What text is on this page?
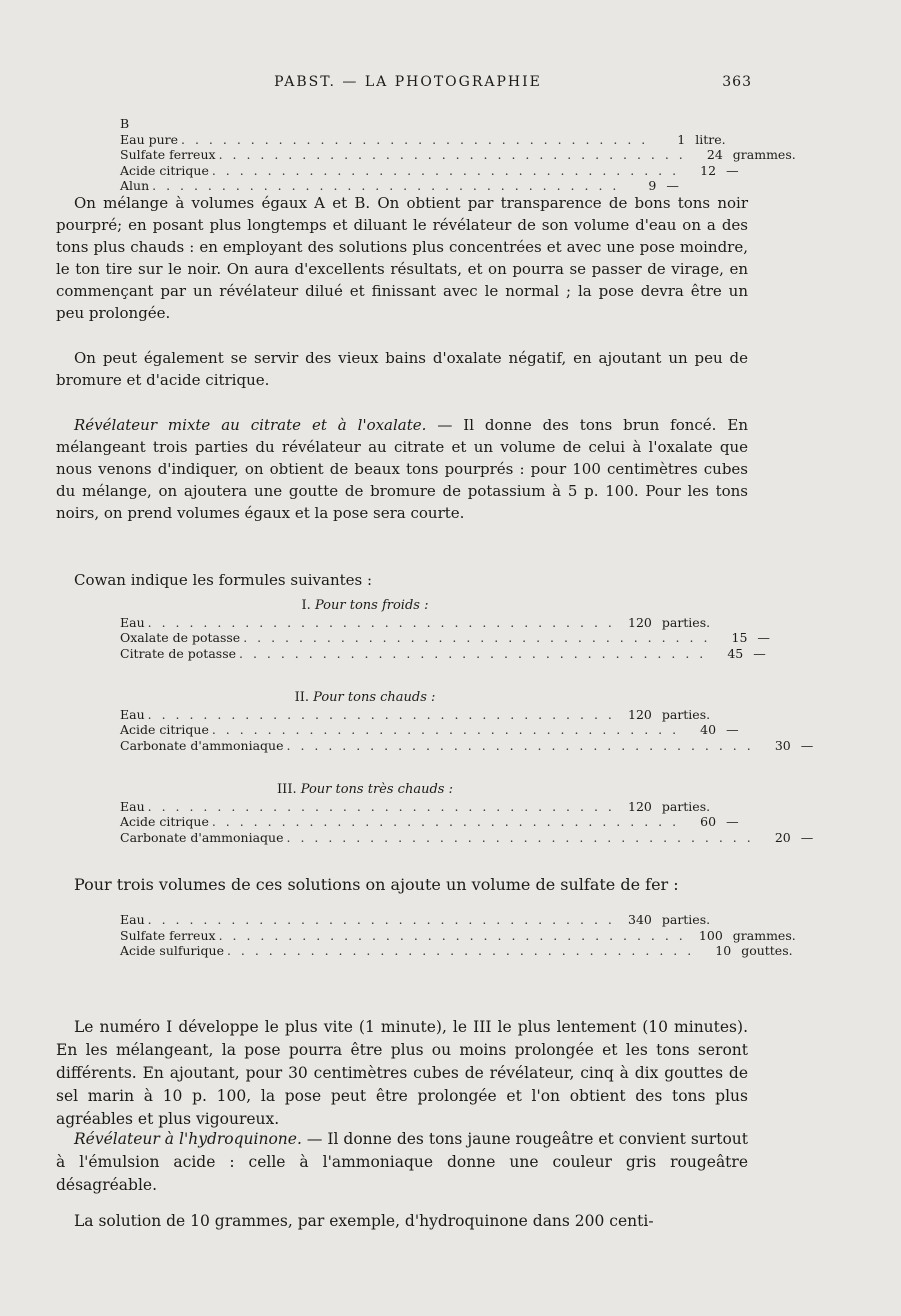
PABST. — LA PHOTOGRAPHIE	363
B
Eau pure . . . . . . . . . . . . . . . . . . . . . . . . . . . . . . . . . .	1 litre.
Sulfate ferreux . . . . . . . . . . . . . . . . . . . . . . . . . . . . . . . . . .	24 grammes.
Acide citrique . . . . . . . . . . . . . . . . . . . . . . . . . . . . . . . . . .	12 —
Alun . . . . . . . . . . . . . . . . . . . . . . . . . . . . . . . . . .	9 —

On mélange à volumes égaux A et B. On obtient par transparence de bons tons noir pourpré; en posant plus longtemps et diluant le révélateur de son volume d'eau on a des tons plus chauds : en employant des solutions plus concentrées et avec une pose moindre, le ton tire sur le noir. On aura d'excellents résultats, et on pourra se passer de virage, en commençant par un révélateur dilué et finissant avec le normal ; la pose devra être un peu prolongée.

On peut également se servir des vieux bains d'oxalate négatif, en ajoutant un peu de bromure et d'acide citrique.

Révélateur mixte au citrate et à l'oxalate. — Il donne des tons brun foncé. En mélangeant trois parties du révélateur au citrate et un volume de celui à l'oxalate que nous venons d'indiquer, on obtient de beaux tons pourprés : pour 100 centimètres cubes du mélange, on ajoutera une goutte de bromure de potassium à 5 p. 100. Pour les tons noirs, on prend volumes égaux et la pose sera courte.

Cowan indique les formules suivantes :

I. Pour tons froids :
Eau . . . . . . . . . . . . . . . . . . . . . . . . . . . . . . . . . .	120 parties.
Oxalate de potasse . . . . . . . . . . . . . . . . . . . . . . . . . . . . . . . . . .	15 —
Citrate de potasse . . . . . . . . . . . . . . . . . . . . . . . . . . . . . . . . . .	45 —
II. Pour tons chauds :
Eau . . . . . . . . . . . . . . . . . . . . . . . . . . . . . . . . . .	120 parties.
Acide citrique . . . . . . . . . . . . . . . . . . . . . . . . . . . . . . . . . .	40 —
Carbonate d'ammoniaque . . . . . . . . . . . . . . . . . . . . . . . . . . . . . . . . . .	30 —
III. Pour tons très chauds :
Eau . . . . . . . . . . . . . . . . . . . . . . . . . . . . . . . . . .	120 parties.
Acide citrique . . . . . . . . . . . . . . . . . . . . . . . . . . . . . . . . . .	60 —
Carbonate d'ammoniaque . . . . . . . . . . . . . . . . . . . . . . . . . . . . . . . . . .	20 —

Pour trois volumes de ces solutions on ajoute un volume de sulfate de fer :

Eau . . . . . . . . . . . . . . . . . . . . . . . . . . . . . . . . . .	340 parties.
Sulfate ferreux . . . . . . . . . . . . . . . . . . . . . . . . . . . . . . . . . .	100 grammes.
Acide sulfurique . . . . . . . . . . . . . . . . . . . . . . . . . . . . . . . . . .	10 gouttes.

Le numéro I développe le plus vite (1 minute), le III le plus lentement (10 minutes). En les mélangeant, la pose pourra être plus ou moins prolongée et les tons seront différents. En ajoutant, pour 30 centimètres cubes de révélateur, cinq à dix gouttes de sel marin à 10 p. 100, la pose peut être prolongée et l'on obtient des tons plus agréables et plus vigoureux.

Révélateur à l'hydroquinone. — Il donne des tons jaune rougeâtre et convient surtout à l'émulsion acide : celle à l'ammoniaque donne une couleur gris rougeâtre désagréable.

La solution de 10 grammes, par exemple, d'hydroquinone dans 200 centi-
